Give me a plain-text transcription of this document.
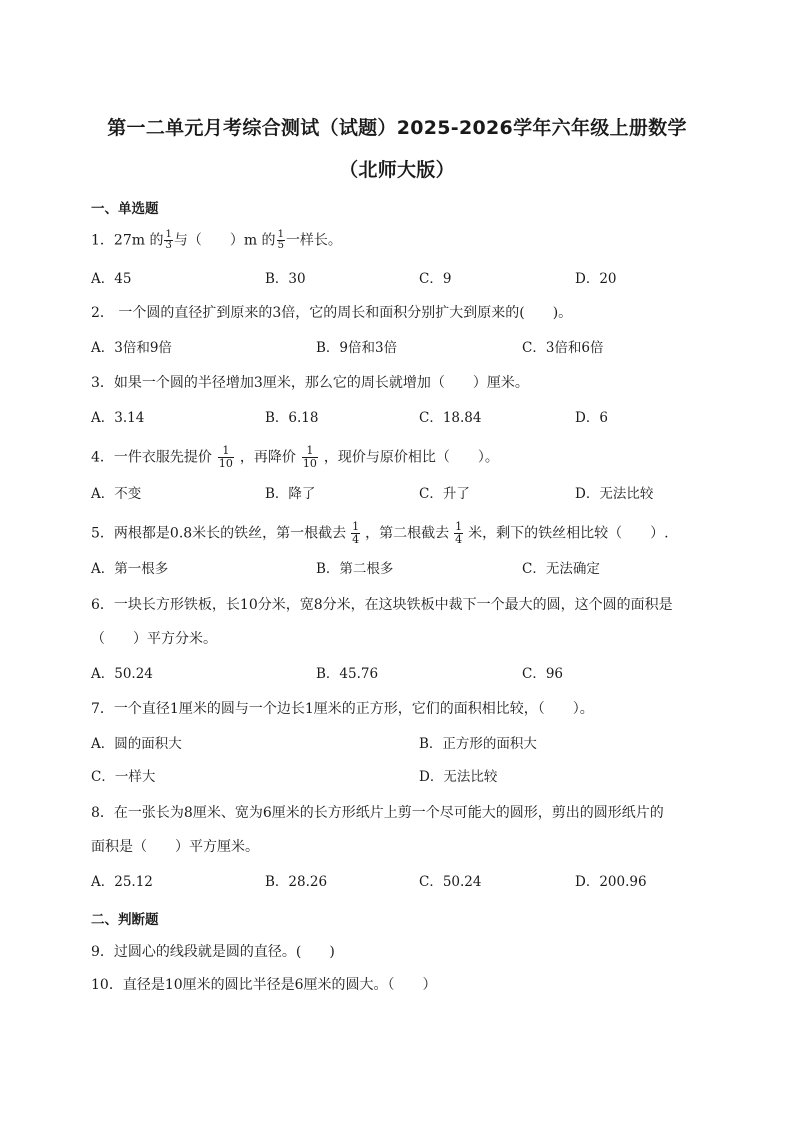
第一二单元月考综合测试（试题）2025-2026学年六年级上册数学
（北师大版）
一、单选题
1．27m 的 $\frac{1}{3}$ 与（　　）m 的 $\frac{1}{5}$ 一样长。
A．45	B．30	C．9	D．20
2． 一个圆的直径扩到原来的3倍，它的周长和面积分别扩大到原来的(　　)。
A．3倍和9倍	B．9倍和3倍	C．3倍和6倍
3．如果一个圆的半径增加3厘米，那么它的周长就增加（　　）厘米。
A．3.14	B．6.18	C．18.84	D．6
4．一件衣服先提价 $\frac{1}{10}$ ，再降价 $\frac{1}{10}$ ，现价与原价相比（　　）。
A．不变	B．降了	C．升了	D．无法比较
5．两根都是0.8米长的铁丝，第一根截去 $\frac{1}{4}$ ，第二根截去 $\frac{1}{4}$ 米，剩下的铁丝相比较（　　）.
A．第一根多	B．第二根多	C．无法确定
6．一块长方形铁板，长10分米，宽8分米，在这块铁板中裁下一个最大的圆，这个圆的面积是
（　　）平方分米。
A．50.24	B．45.76	C．96
7．一个直径1厘米的圆与一个边长1厘米的正方形，它们的面积相比较，（　　）。
A．圆的面积大	B．正方形的面积大
C．一样大	D．无法比较
8．在一张长为8厘米、宽为6厘米的长方形纸片上剪一个尽可能大的圆形，剪出的圆形纸片的
面积是（　　）平方厘米。
A．25.12	B．28.26	C．50.24	D．200.96
二、判断题
9．过圆心的线段就是圆的直径。(　　)
10．直径是10厘米的圆比半径是6厘米的圆大。（　　）
